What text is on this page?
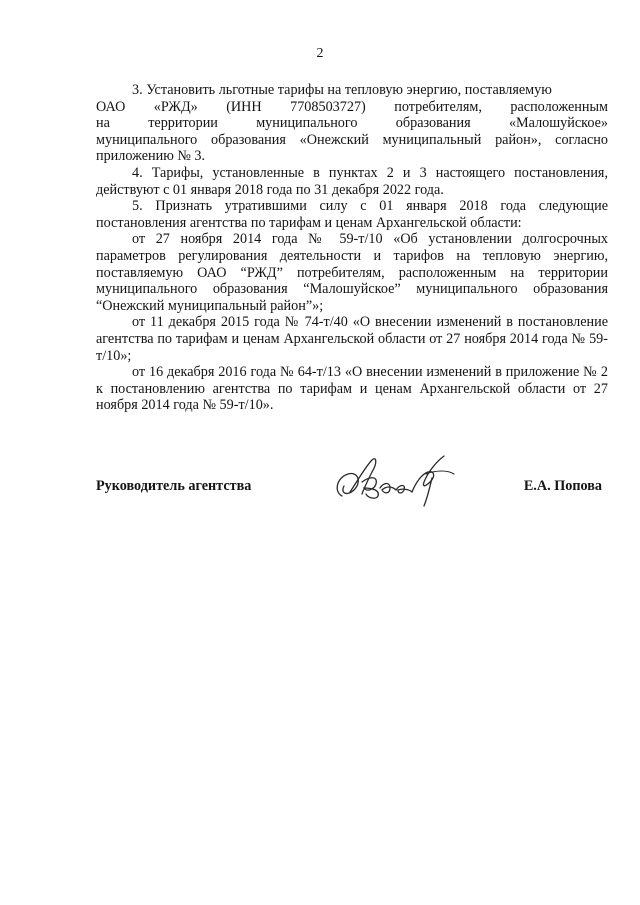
2

3. Установить льготные тарифы на тепловую энергию, поставляемую

ОАО «РЖД» (ИНН 7708503727) потребителям, расположенным

на территории муниципального образования «Малошуйское»

муниципального образования «Онежский муниципальный район», согласно приложению № 3.

4. Тарифы, установленные в пунктах 2 и 3 настоящего постановления, действуют с 01 января 2018 года по 31 декабря 2022 года.

5. Признать утратившими силу с 01 января 2018 года следующие постановления агентства по тарифам и ценам Архангельской области:

от 27 ноября 2014 года № 59-т/10 «Об установлении долгосрочных параметров регулирования деятельности и тарифов на тепловую энергию, поставляемую ОАО “РЖД” потребителям, расположенным на территории муниципального образования “Малошуйское” муниципального образования “Онежский муниципальный район”»;

от 11 декабря 2015 года № 74-т/40 «О внесении изменений в постановление агентства по тарифам и ценам Архангельской области от 27 ноября 2014 года № 59-т/10»;

от 16 декабря 2016 года № 64-т/13 «О внесении изменений в приложение № 2 к постановлению агентства по тарифам и ценам Архангельской области от 27 ноября 2014 года № 59-т/10».

Руководитель агентства	Е.А. Попова
